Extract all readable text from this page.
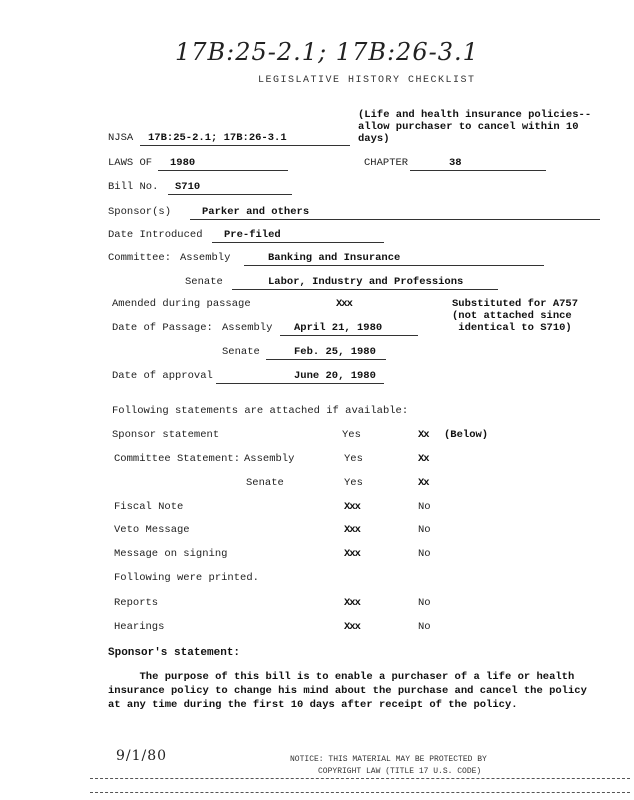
17B:25-2.1; 17B:26-3.1
LEGISLATIVE HISTORY CHECKLIST
(Life and health insurance policies--
allow purchaser to cancel within 10
days)
NJSA 17B:25-2.1; 17B:26-3.1
LAWS OF 1980	CHAPTER	38
Bill No. S710
Sponsor(s)	Parker and others
Date Introduced Pre-filed
Committee: Assembly	Banking and Insurance
Senate	Labor, Industry and Professions
Amended during passage	Xxx	Substituted for A757
(not attached since
identical to S710)
Date of Passage: Assembly April 21, 1980
Senate	Feb. 25, 1980
Date of approval	June 20, 1980
Following statements are attached if available:
Sponsor statement	Yes	Xx (Below)
Committee Statement: Assembly	Yes	Xx
Senate	Yes	Xx
Fiscal Note	Xxx	No
Veto Message	Xxx	No
Message on signing	Xxx	No
Following were printed.
Reports	Xxx	No
Hearings	Xxx	No
Sponsor's statement:
The purpose of this bill is to enable a purchaser of a life or health
insurance policy to change his mind about the purchase and cancel the policy
at any time during the first 10 days after receipt of the policy.
9/1/80	NOTICE: THIS MATERIAL MAY BE PROTECTED BY
COPYRIGHT LAW (TITLE 17 U.S. CODE)
